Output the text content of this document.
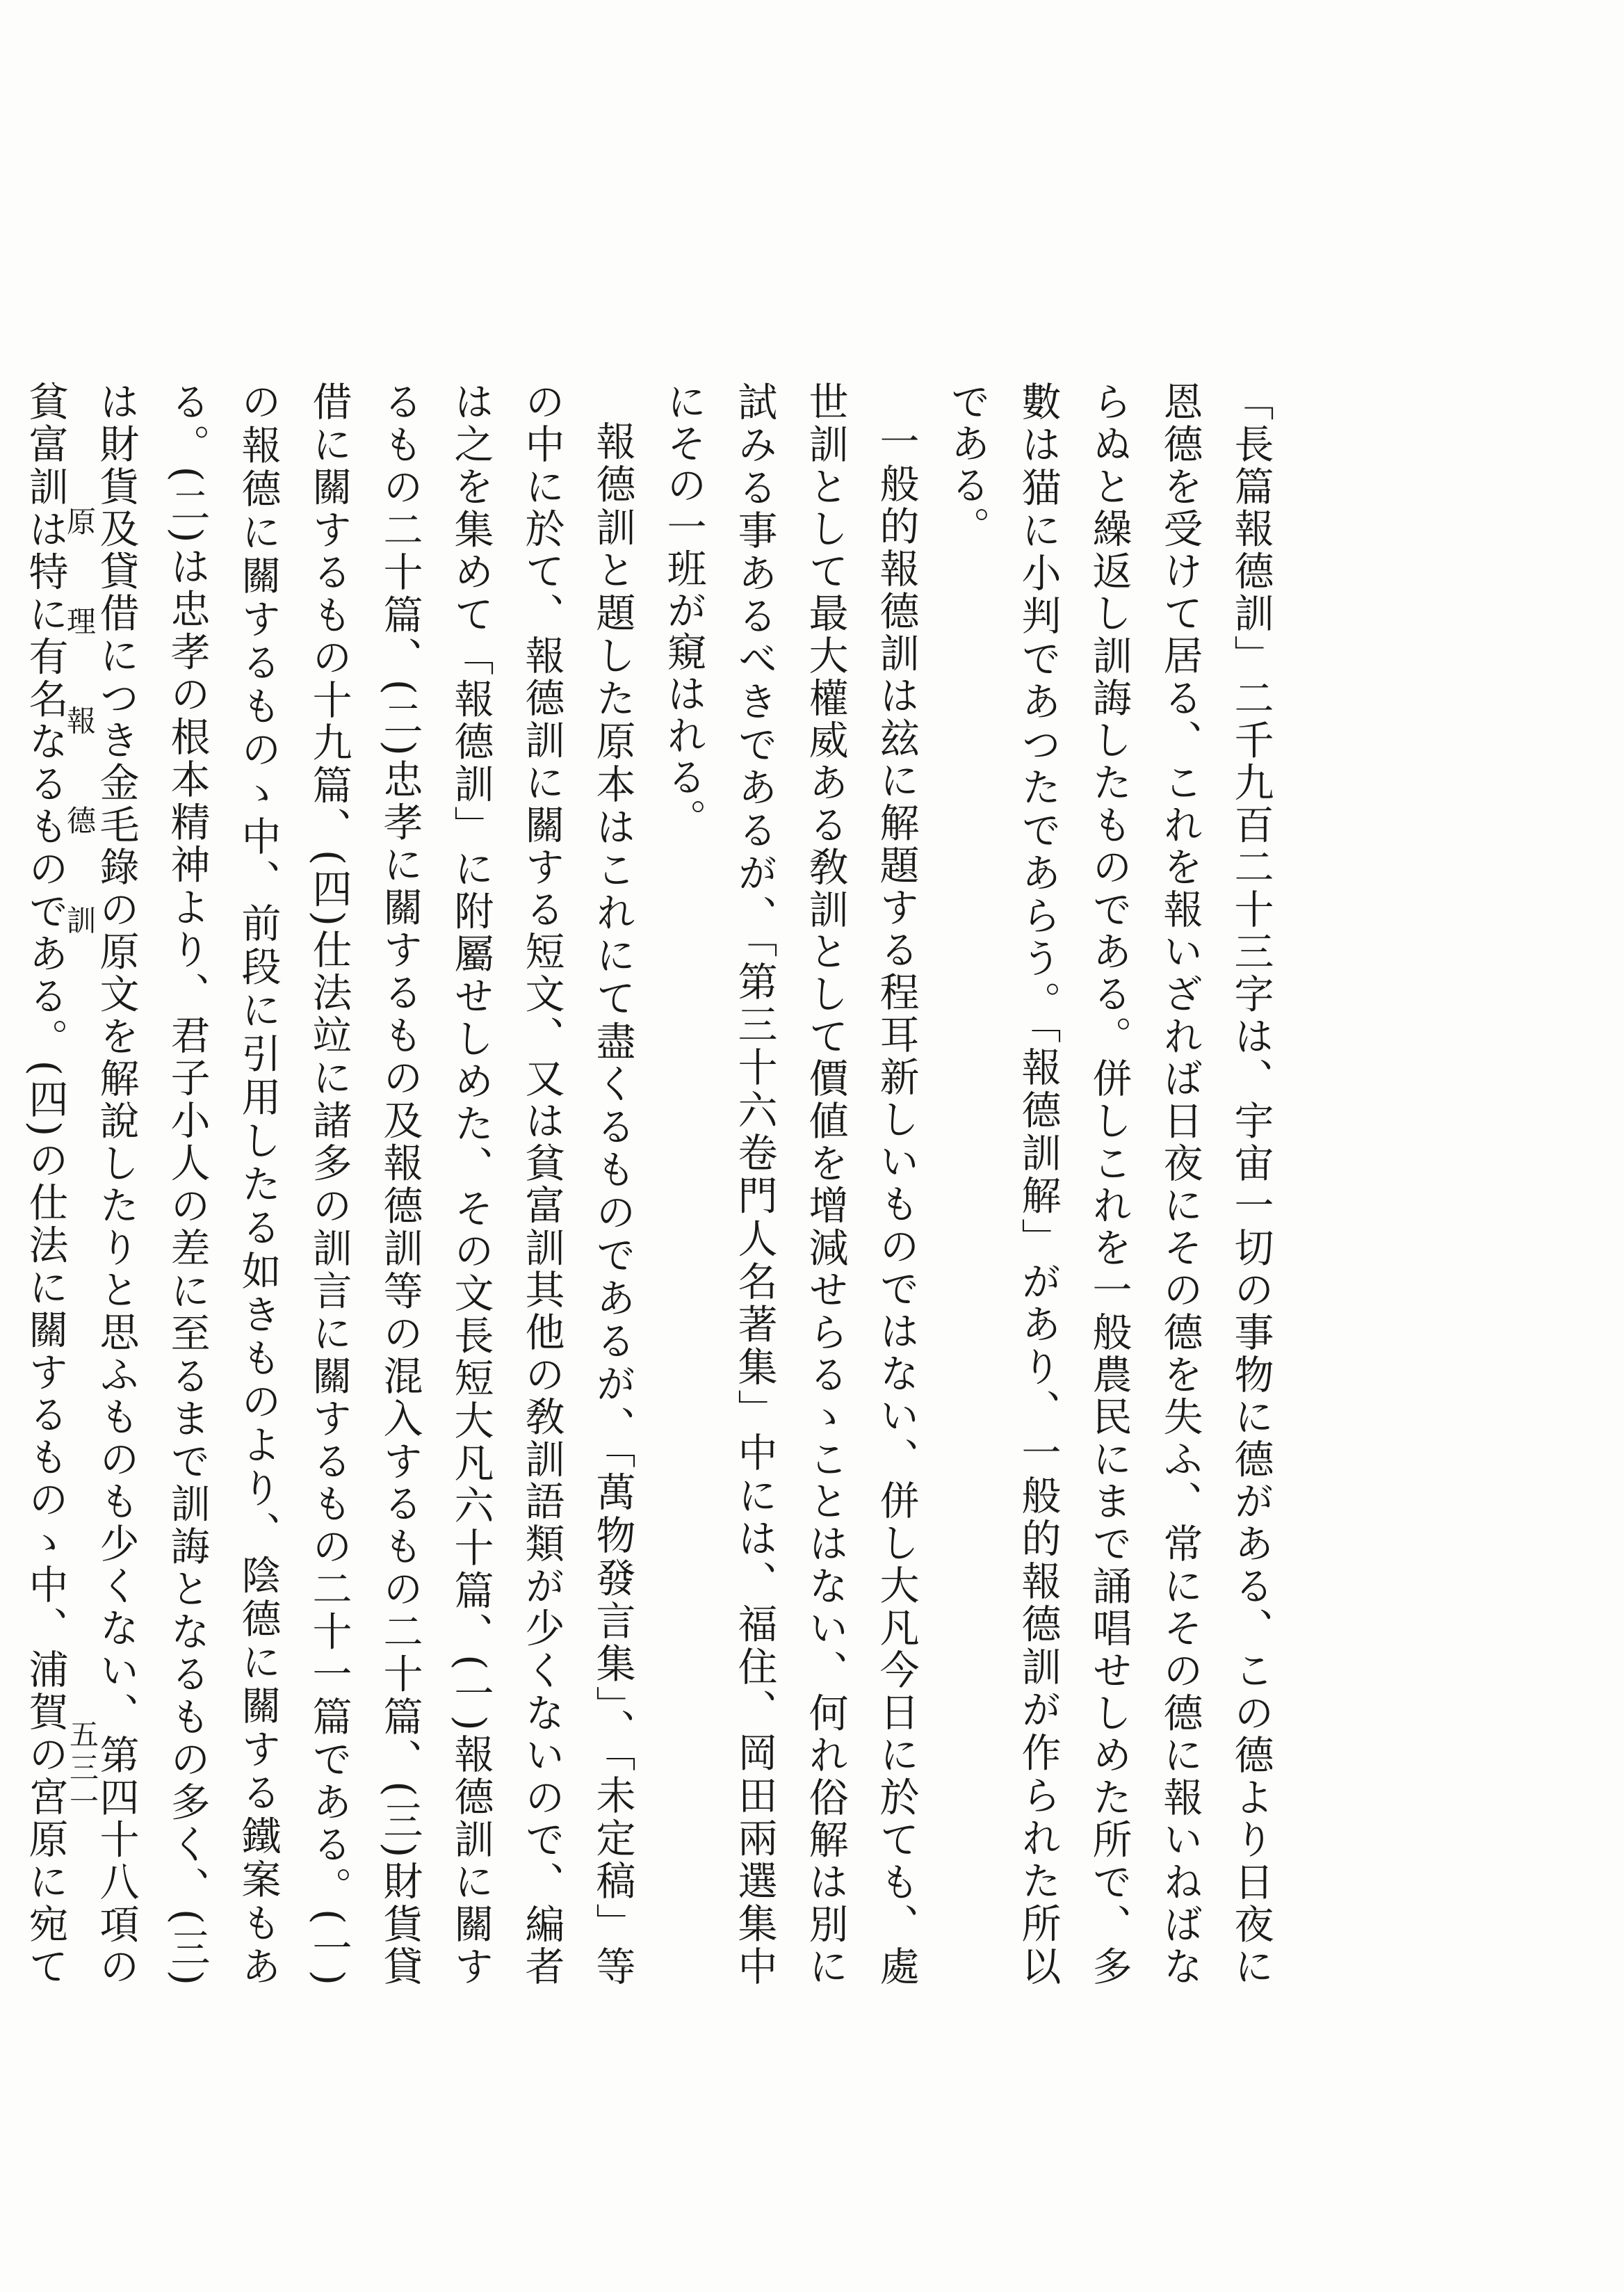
「長篇報德訓」二千九百二十三字は、宇宙一切の事物に德がある、この德より日夜に恩德を受けて居る、これを報いざれば日夜にその德を失ふ、常にその德に報いねばならぬと繰返し訓誨したものである。併しこれを一般農民にまで誦唱せしめた所で、多數は猫に小判であつたであらう。「報德訓解」があり、一般的報德訓が作られた所以である。

一般的報德訓は玆に解題する程耳新しいものではない、併し大凡今日に於ても、處世訓として最大權威ある敎訓として價値を增減せらるゝことはない、何れ俗解は別に試みる事あるべきであるが、「第三十六卷門人名著集」中には、福住、岡田兩選集中にその一班が窺はれる。

報德訓と題した原本はこれにて盡くるものであるが、「萬物發言集」、「未定稿」等の中に於て、報德訓に關する短文、又は貧富訓其他の敎訓語類が少くないので、編者は之を集めて「報德訓」に附屬せしめた、その文長短大凡六十篇、(一)報德訓に關するもの二十篇、(二)忠孝に關するもの及報德訓等の混入するもの二十篇、(三)財貨貸借に關するもの十九篇、(四)仕法竝に諸多の訓言に關するもの二十一篇である。(一)の報德に關するものゝ中、前段に引用したる如きものより、陰德に關する鐵案もある。(二)は忠孝の根本精神より、君子小人の差に至るまで訓誨となるもの多く、(三)は財貨及貸借につき金毛錄の原文を解說したりと思ふものも少くない、第四十八項の貧富訓は特に有名なるものである。(四)の仕法に關するものゝ中、浦賀の宮原に宛て

原 理 報 德 訓
五三一
